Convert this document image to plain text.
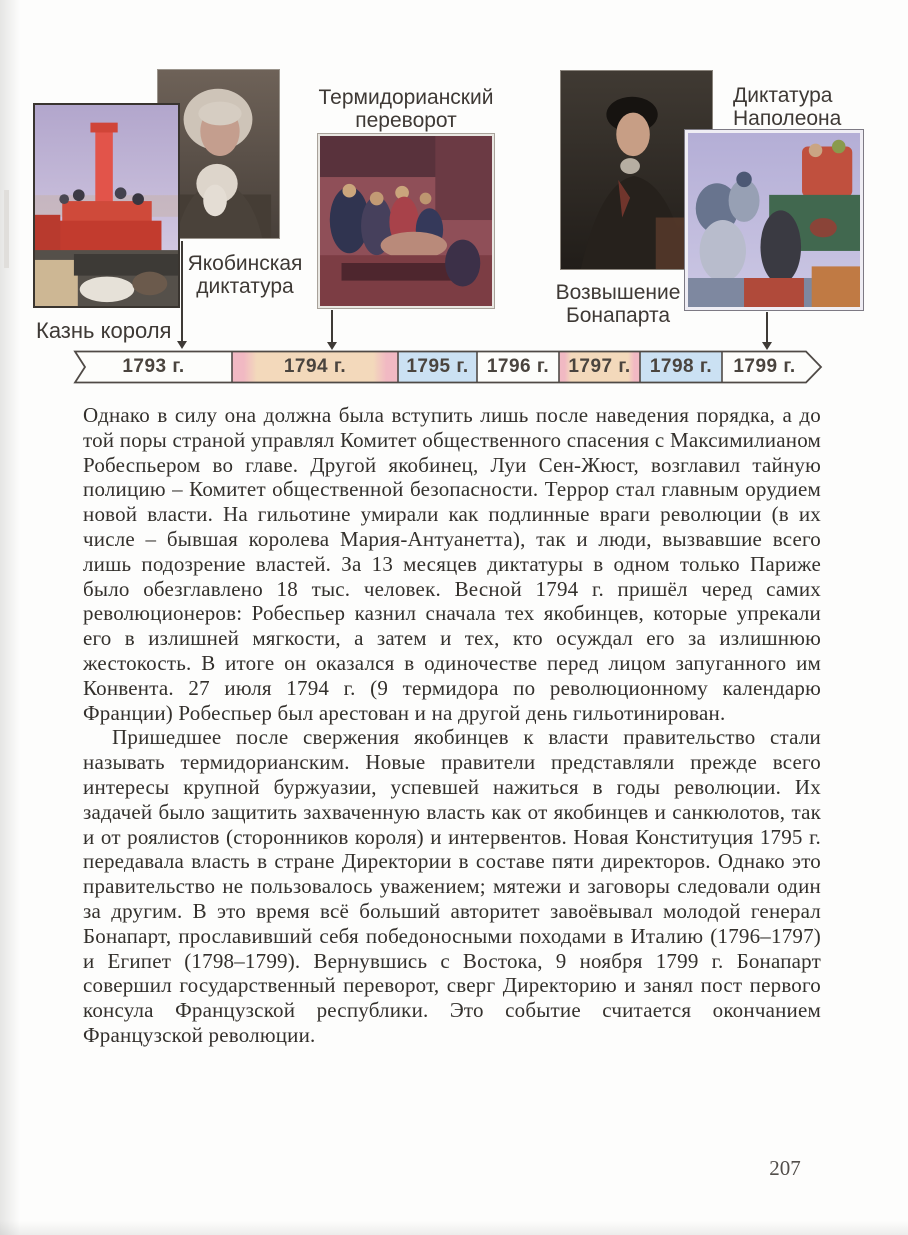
Казнь короля
Якобинская диктатура
Термидорианский переворот
Возвышение Бонапарта
Диктатура Наполеона
1793 г.	1794 г.	1795 г. 1796 г.	1797 г.	1798 г.	1799 г.

Однако в силу она должна была вступить лишь после наведения порядка, а до той поры страной управлял Комитет общественного спасения с Максимилианом Робеспьером во главе. Другой якобинец, Луи Сен-Жюст, возглавил тайную полицию – Комитет общественной безопасности. Террор стал главным орудием новой власти. На гильотине умирали как подлинные враги революции (в их числе – бывшая королева Мария-Антуанетта), так и люди, вызвавшие всего лишь подозрение властей. За 13 месяцев диктатуры в одном только Париже было обезглавлено 18 тыс. человек. Весной 1794 г. пришёл черед самих революционеров: Робеспьер казнил сначала тех якобинцев, которые упрекали его в излишней мягкости, а затем и тех, кто осуждал его за излишнюю жестокость. В итоге он оказался в одиночестве перед лицом запуганного им Конвента. 27 июля 1794 г. (9 термидора по революционному календарю Франции) Робеспьер был арестован и на другой день гильотинирован.

Пришедшее после свержения якобинцев к власти правительство стали называть термидорианским. Новые правители представляли прежде всего интересы крупной буржуазии, успевшей нажиться в годы революции. Их задачей было защитить захваченную власть как от якобинцев и санкюлотов, так и от роялистов (сторонников короля) и интервентов. Новая Конституция 1795 г. передавала власть в стране Директории в составе пяти директоров. Однако это правительство не пользовалось уважением; мятежи и заговоры следовали один за другим. В это время всё больший авторитет завоёвывал молодой генерал Бонапарт, прославивший себя победоносными походами в Италию (1796–1797) и Египет (1798–1799). Вернувшись с Востока, 9 ноября 1799 г. Бонапарт совершил государственный переворот, сверг Директорию и занял пост первого консула Французской республики. Это событие считается окончанием Французской революции.

207
